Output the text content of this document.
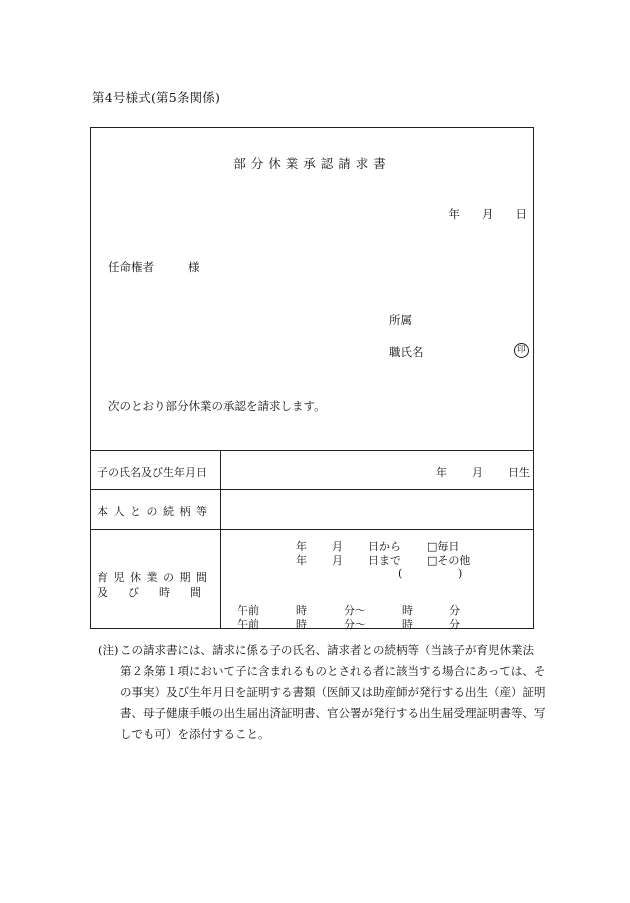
第4号様式(第5条関係)
部分休業承認請求書
年 月 日
任命権者	様
所属
職氏名	印
次のとおり部分休業の承認を請求します。
子の氏名及び生年月日	年 月 日生
本人との続柄等
育児休業の期間
及び時間
年 月 日から □毎日
年 月 日まで □その他
(	)
午前	時	分～	時	分
午前	時	分～	時	分
(注) この請求書には、請求に係る子の氏名、請求者との続柄等（当該子が育児休業法
第２条第１項において子に含まれるものとされる者に該当する場合にあっては、そ
の事実）及び生年月日を証明する書類（医師又は助産師が発行する出生（産）証明
書、母子健康手帳の出生届出済証明書、官公署が発行する出生届受理証明書等、写
しでも可）を添付すること。
